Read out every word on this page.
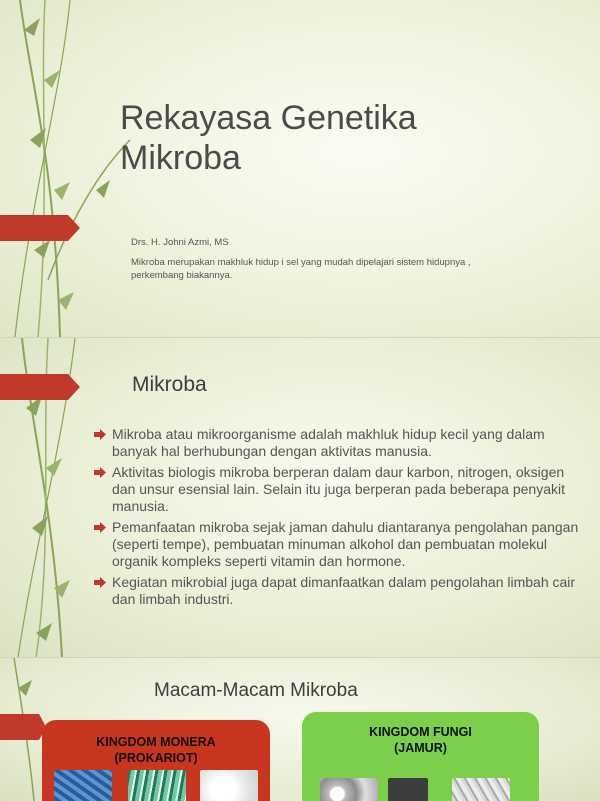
Rekayasa Genetika
Mikroba
Drs. H. Johni Azmi, MS
Mikroba merupakan makhluk hidup i sel yang mudah dipelajari sistem hidupnya , perkembang biakannya.
Mikroba
Mikroba atau mikroorganisme adalah makhluk hidup kecil yang dalam banyak hal berhubungan dengan aktivitas manusia.
Aktivitas biologis mikroba berperan dalam daur karbon, nitrogen, oksigen dan unsur esensial lain. Selain itu juga berperan pada beberapa penyakit manusia.
Pemanfaatan mikroba sejak jaman dahulu diantaranya pengolahan pangan (seperti tempe), pembuatan minuman alkohol dan pembuatan molekul organik kompleks seperti vitamin dan hormone.
Kegiatan mikrobial juga dapat dimanfaatkan dalam pengolahan limbah cair dan limbah industri.
Macam-Macam Mikroba
KINGDOM MONERA
(PROKARIOT)
KINGDOM FUNGI
(JAMUR)
